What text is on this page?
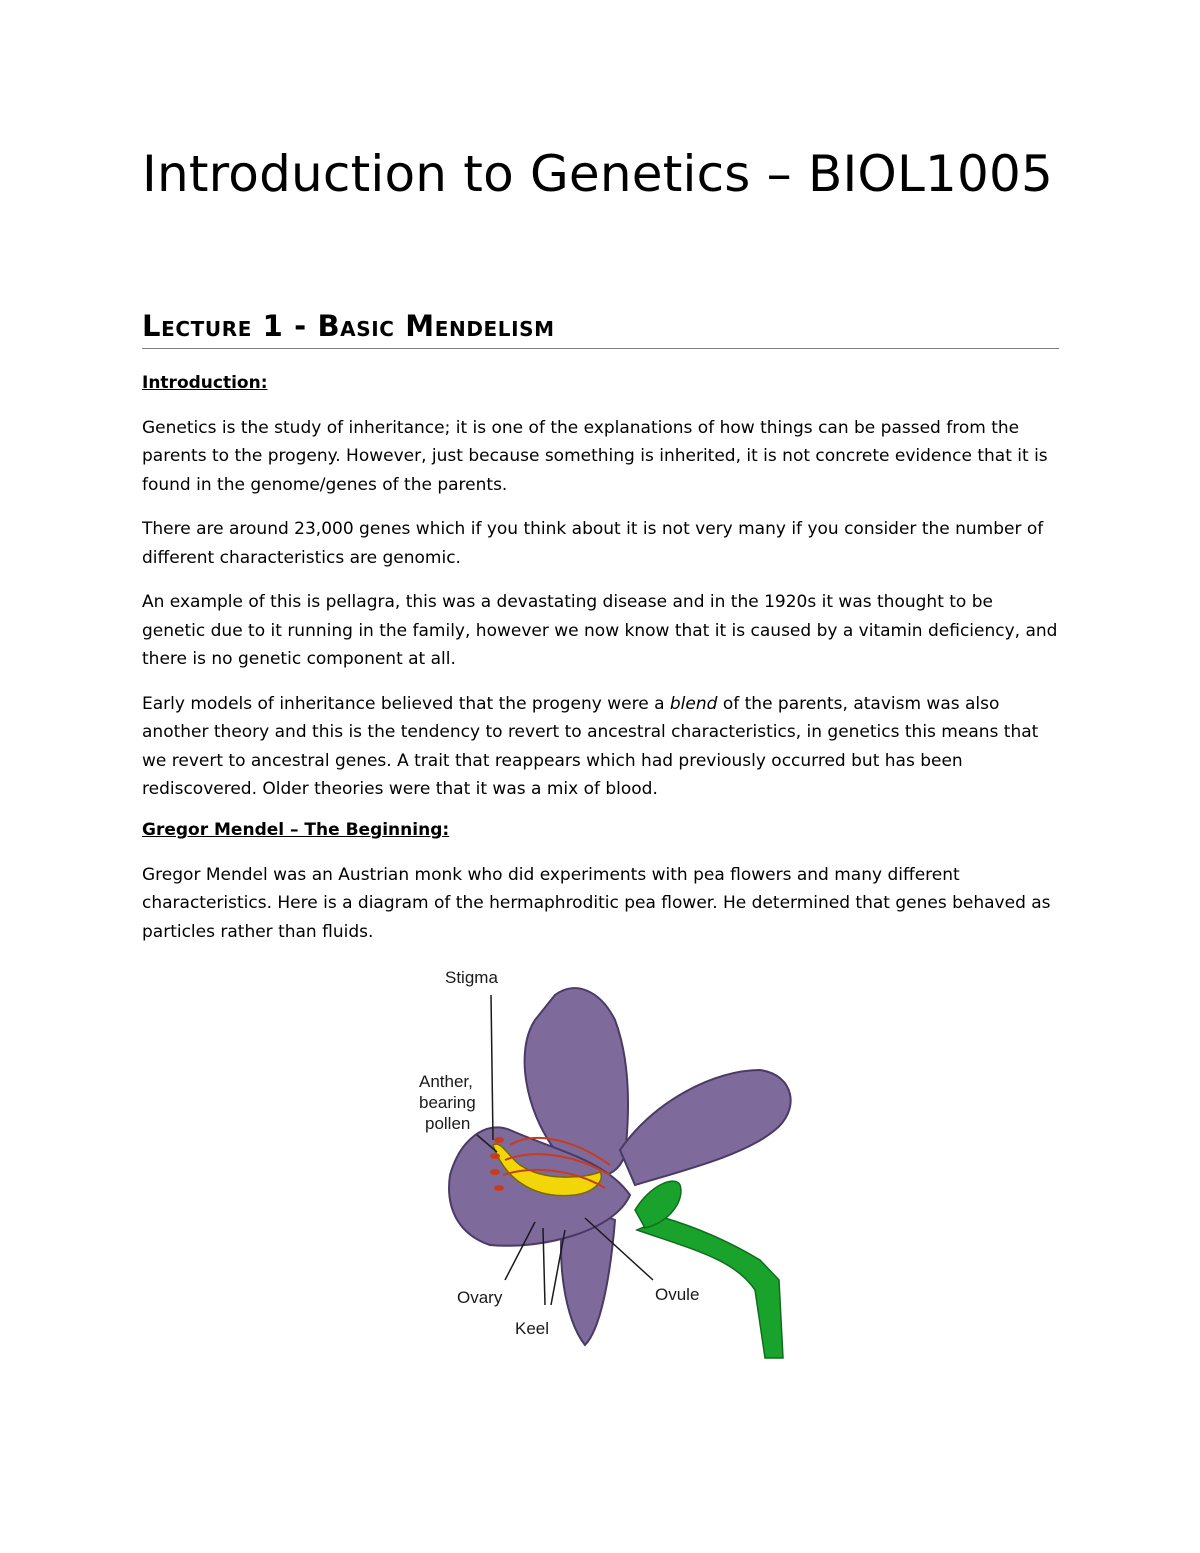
Introduction to Genetics – BIOL1005
Lecture 1 - Basic Mendelism

Introduction:

Genetics is the study of inheritance; it is one of the explanations of how things can be passed from the parents to the progeny. However, just because something is inherited, it is not concrete evidence that it is found in the genome/genes of the parents.

There are around 23,000 genes which if you think about it is not very many if you consider the number of different characteristics are genomic.

An example of this is pellagra, this was a devastating disease and in the 1920s it was thought to be genetic due to it running in the family, however we now know that it is caused by a vitamin deficiency, and there is no genetic component at all.

Early models of inheritance believed that the progeny were a blend of the parents, atavism was also another theory and this is the tendency to revert to ancestral characteristics, in genetics this means that we revert to ancestral genes. A trait that reappears which had previously occurred but has been rediscovered. Older theories were that it was a mix of blood.

Gregor Mendel – The Beginning:

Gregor Mendel was an Austrian monk who did experiments with pea flowers and many different characteristics. Here is a diagram of the hermaphroditic pea flower. He determined that genes behaved as particles rather than fluids.

Stigma
Anther,
bearing
pollen
Ovary	Ovule
Keel
